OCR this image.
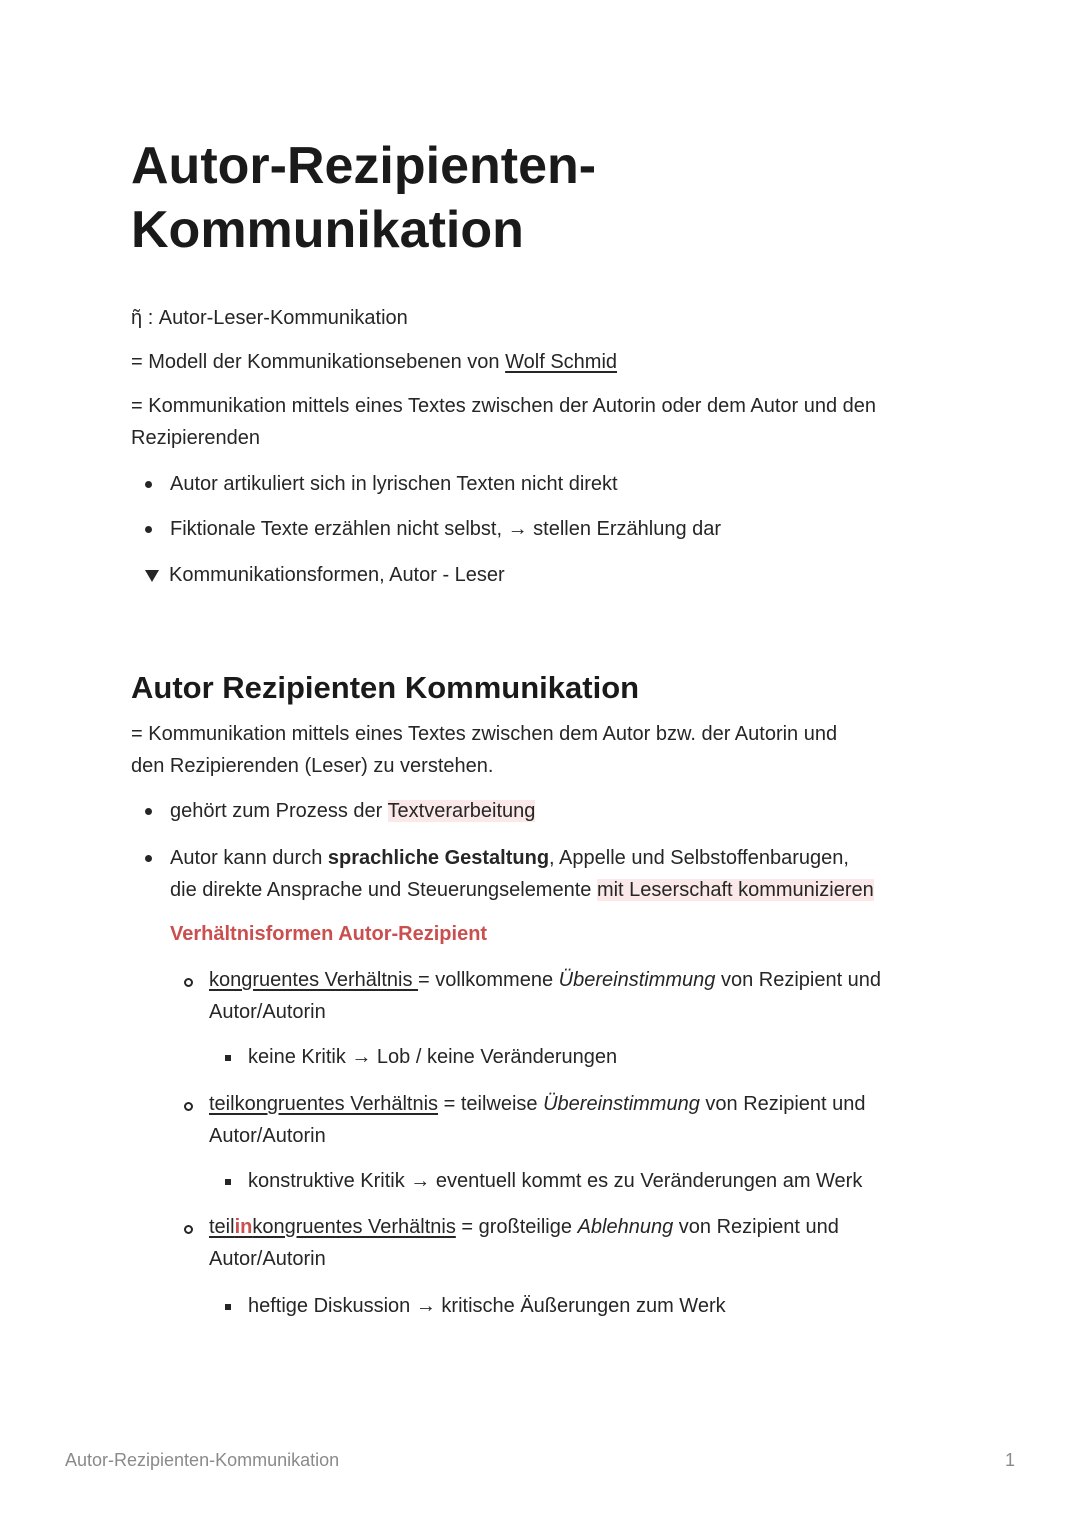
Autor-Rezipienten-
Kommunikation

ῆ : Autor-Leser-Kommunikation

= Modell der Kommunikationsebenen von Wolf Schmid

= Kommunikation mittels eines Textes zwischen der Autorin oder dem Autor und den

Rezipierenden

Autor artikuliert sich in lyrischen Texten nicht direkt

Fiktionale Texte erzählen nicht selbst, → stellen Erzählung dar

Kommunikationsformen, Autor - Leser

Autor Rezipienten Kommunikation

= Kommunikation mittels eines Textes zwischen dem Autor bzw. der Autorin und

den Rezipierenden (Leser) zu verstehen.

gehört zum Prozess der Textverarbeitung

Autor kann durch sprachliche Gestaltung, Appelle und Selbstoffenbarugen,

die direkte Ansprache und Steuerungselemente mit Leserschaft kommunizieren

Verhältnisformen Autor-Rezipient

kongruentes Verhältnis = vollkommene Übereinstimmung von Rezipient und

Autor/Autorin

keine Kritik → Lob / keine Veränderungen

teilkongruentes Verhältnis = teilweise Übereinstimmung von Rezipient und

Autor/Autorin

konstruktive Kritik → eventuell kommt es zu Veränderungen am Werk

teilinkongruentes Verhältnis = großteilige Ablehnung von Rezipient und

Autor/Autorin

heftige Diskussion → kritische Äußerungen zum Werk

Autor-Rezipienten-Kommunikation	1
